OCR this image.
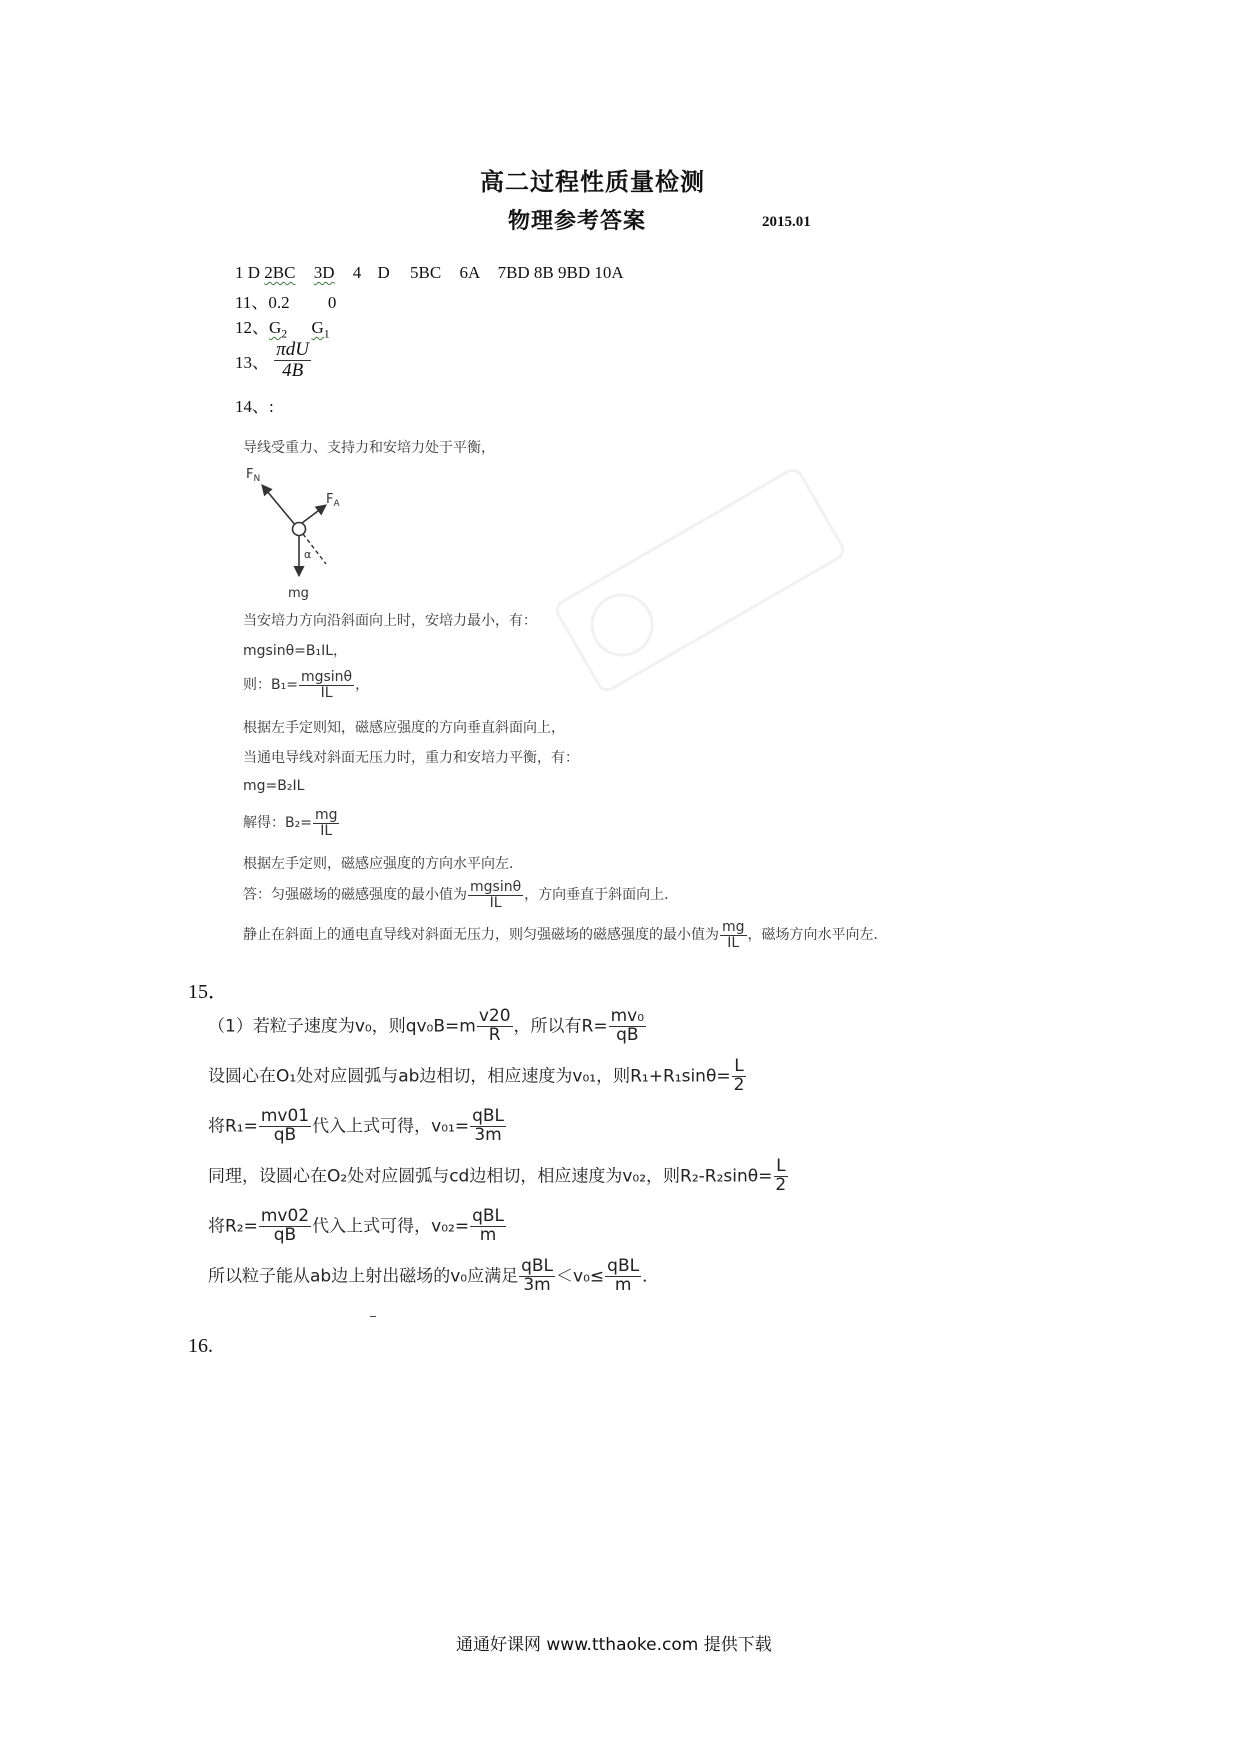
高二过程性质量检测
物理参考答案	2015.01
1 D 2BC 3D 4 D 5BC 6A 7BD 8B 9BD 10A
11、0.2 0
12、$G_2$ $G_1$
13、 $\frac{\text{πdU}}{4B}$
14、:
导线受重力、支持力和安培力处于平衡，
$F_N$
$F_A$
α
mg
当安培力方向沿斜面向上时，安培力最小，有：
mgsinθ=B₁IL，
则：$B_1= \frac{mgsin\theta}{IL}$ ，
根据左手定则知，磁感应强度的方向垂直斜面向上，
当通电导线对斜面无压力时，重力和安培力平衡，有：
mg=B₂IL
解得：$B_2= \frac{mg}{IL}$
根据左手定则，磁感应强度的方向水平向左．
答：匀强磁场的磁感强度的最小值为 $\frac{mgsin\theta}{IL}$ ，方向垂直于斜面向上．
静止在斜面上的通电直导线对斜面无压力，则匀强磁场的磁感强度的最小值为 $\frac{mg}{IL}$ ，磁场方向水平向左．
15．
（1）若粒子速度为v₀，则$qv_0B=m \frac{v20}{R}$ ，所以有$R= \frac{\text{mv₀}}{qB}$
设圆心在O₁处对应圆弧与ab边相切，相应速度为v₀₁，则$R_1+R_1\sin\theta= \frac{L}{2}$
将$R_1= \frac{mv01}{qB}$ 代入上式可得，$v_{01}= \frac{\text{qBL}}{3m}$
同理，设圆心在O₂处对应圆弧与cd边相切，相应速度为v₀₂，则$R_2-R_2\sin\theta= \frac{L}{2}$
将$R_2= \frac{mv02}{qB}$ 代入上式可得，$v_{02}= \frac{\text{qBL}}{m}$
所以粒子能从ab边上射出磁场的v₀应满足 $\frac{\text{qBL}}{3m} <v_0\le \frac{\text{qBL}}{m}$ ．
16.
通通好课网 www.tthaoke.com 提供下载
